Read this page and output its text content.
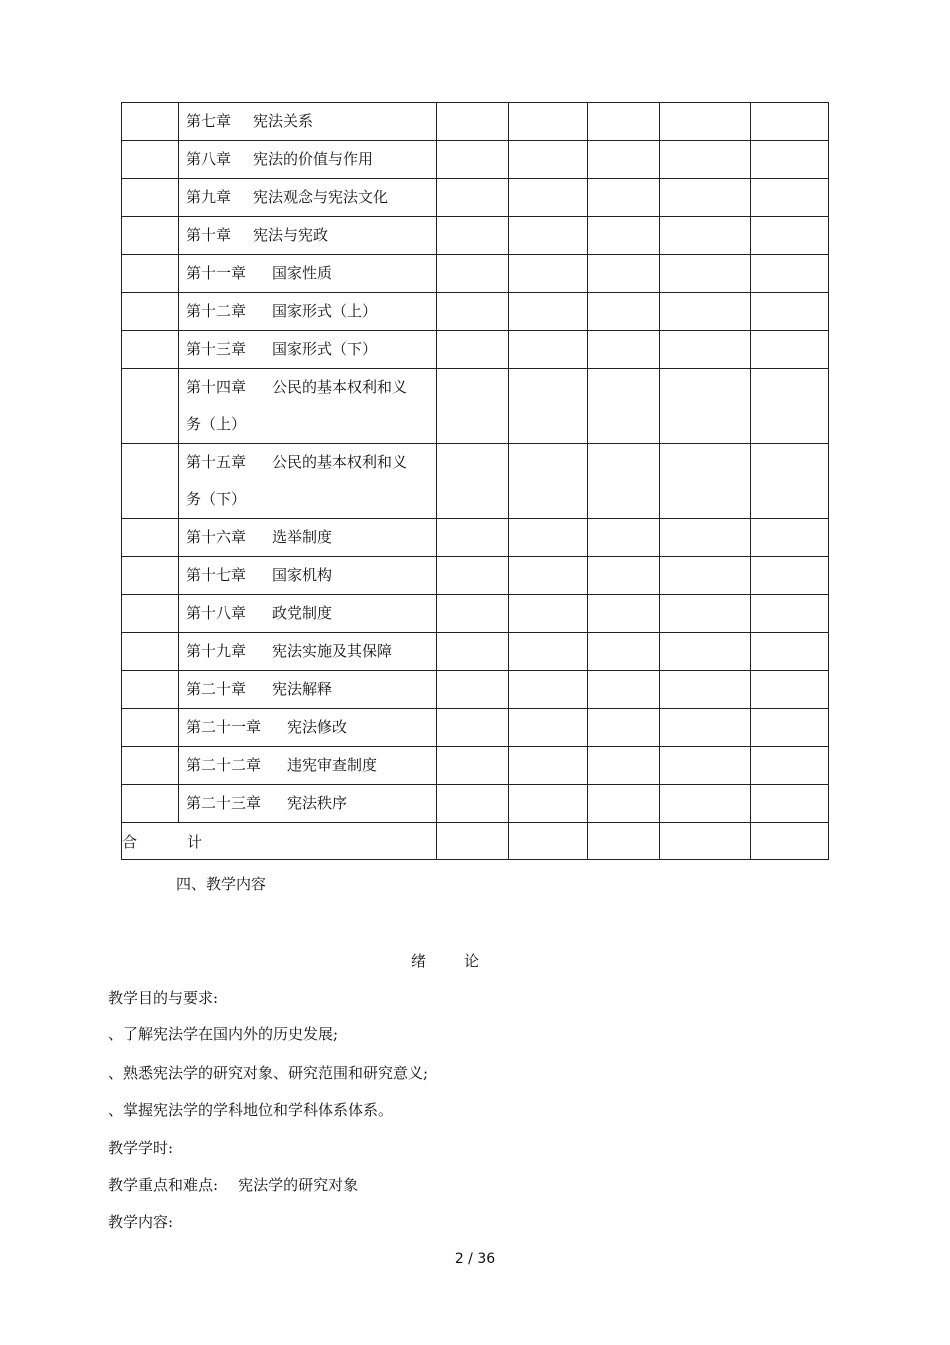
	第七章 宪法关系					
	第八章 宪法的价值与作用					
	第九章 宪法观念与宪法文化					
	第十章 宪法与宪政					
	第十一章 国家性质					
	第十二章 国家形式（上）					
	第十三章 国家形式（下）					
	第十四章 公民的基本权利和义
务（上）					
	第十五章 公民的基本权利和义
务（下）					
	第十六章 选举制度					
	第十七章 国家机构					
	第十八章 政党制度					
	第十九章 宪法实施及其保障					
	第二十章 宪法解释					
	第二十一章 宪法修改					
	第二十二章 违宪审查制度					
	第二十三章 宪法秩序					
合 计						
四、教学内容
绪	论
教学目的与要求:
、了解宪法学在国内外的历史发展;
、熟悉宪法学的研究对象、研究范围和研究意义;
、掌握宪法学的学科地位和学科体系体系。
教学学时:
教学重点和难点: 宪法学的研究对象
教学内容:
2 / 36
